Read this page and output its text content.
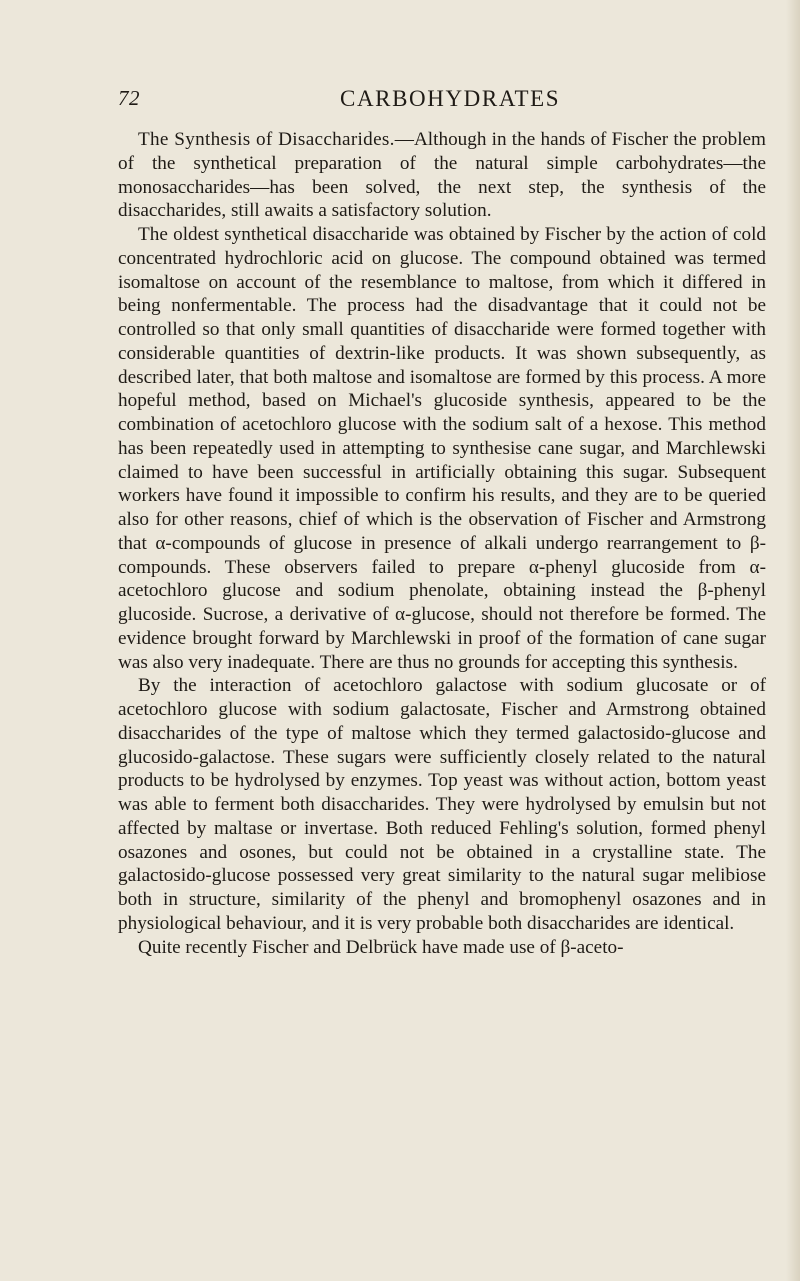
72	CARBOHYDRATES

The Synthesis of Disaccharides.—Although in the hands of Fischer the problem of the synthetical preparation of the natural simple carbohydrates—the monosaccharides—has been solved, the next step, the synthesis of the disaccharides, still awaits a satisfactory solution.

The oldest synthetical disaccharide was obtained by Fischer by the action of cold concentrated hydrochloric acid on glucose. The compound obtained was termed isomaltose on account of the resemblance to maltose, from which it differed in being nonfermentable. The process had the disadvantage that it could not be controlled so that only small quantities of disaccharide were formed together with considerable quantities of dextrin-like products. It was shown subsequently, as described later, that both maltose and isomaltose are formed by this process. A more hopeful method, based on Michael's glucoside synthesis, appeared to be the combination of acetochloro glucose with the sodium salt of a hexose. This method has been repeatedly used in attempting to synthesise cane sugar, and Marchlewski claimed to have been successful in artificially obtaining this sugar. Subsequent workers have found it impossible to confirm his results, and they are to be queried also for other reasons, chief of which is the observation of Fischer and Armstrong that α-compounds of glucose in presence of alkali undergo rearrangement to β-compounds. These observers failed to prepare α-phenyl glucoside from α-acetochloro glucose and sodium phenolate, obtaining instead the β-phenyl glucoside. Sucrose, a derivative of α-glucose, should not therefore be formed. The evidence brought forward by Marchlewski in proof of the formation of cane sugar was also very inadequate. There are thus no grounds for accepting this synthesis.

By the interaction of acetochloro galactose with sodium glucosate or of acetochloro glucose with sodium galactosate, Fischer and Armstrong obtained disaccharides of the type of maltose which they termed galactosido-glucose and glucosido-galactose. These sugars were sufficiently closely related to the natural products to be hydrolysed by enzymes. Top yeast was without action, bottom yeast was able to ferment both disaccharides. They were hydrolysed by emulsin but not affected by maltase or invertase. Both reduced Fehling's solution, formed phenyl osazones and osones, but could not be obtained in a crystalline state. The galactosido-glucose possessed very great similarity to the natural sugar melibiose both in structure, similarity of the phenyl and bromophenyl osazones and in physiological behaviour, and it is very probable both disaccharides are identical.

Quite recently Fischer and Delbrück have made use of β-aceto-
